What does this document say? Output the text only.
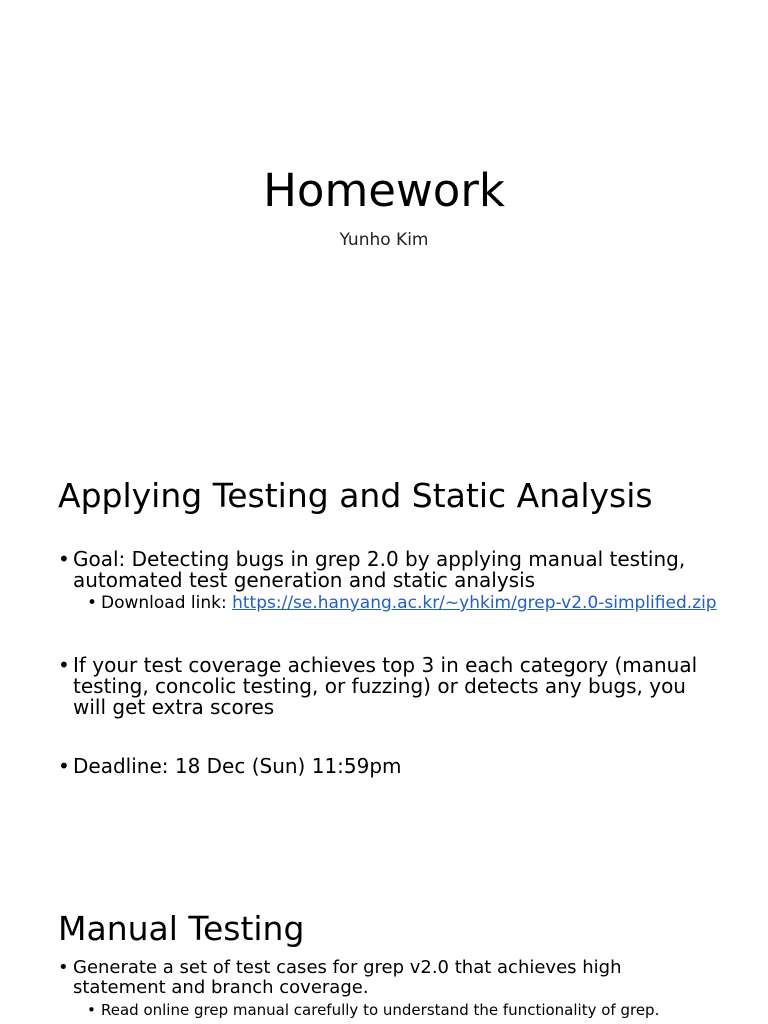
Homework
Yunho Kim
Applying Testing and Static Analysis
• Goal: Detecting bugs in grep 2.0 by applying manual testing, automated test generation and static analysis
• Download link: https://se.hanyang.ac.kr/~yhkim/grep-v2.0-simplified.zip
• If your test coverage achieves top 3 in each category (manual testing, concolic testing, or fuzzing) or detects any bugs, you will get extra scores
• Deadline: 18 Dec (Sun) 11:59pm
Manual Testing
• Generate a set of test cases for grep v2.0 that achieves high statement and branch coverage.
• Read online grep manual carefully to understand the functionality of grep.
